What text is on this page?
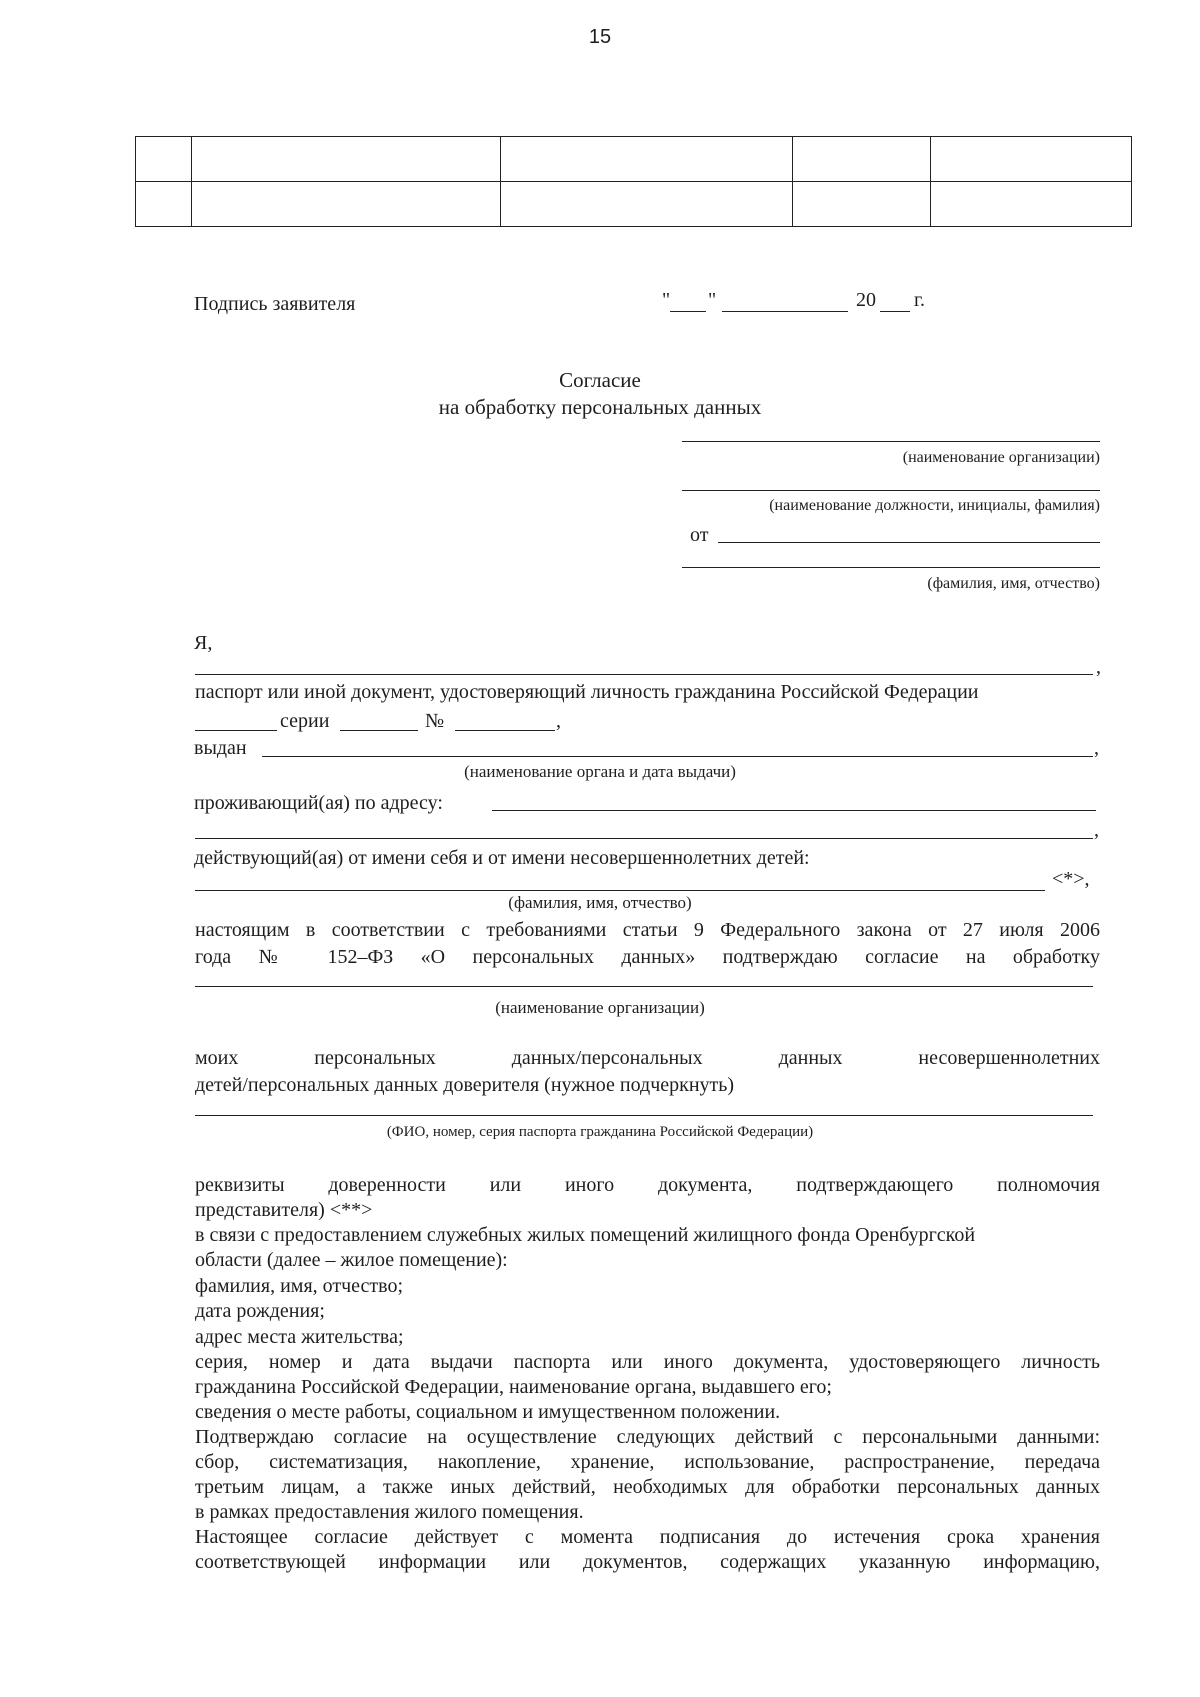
15

Подпись заявителя	" "	20 г.
Согласие
на обработку персональных данных
(наименование организации)
(наименование должности, инициалы, фамилия)
от
(фамилия, имя, отчество)
Я,
,
паспорт или иной документ, удостоверяющий личность гражданина Российской Федерации
серии	№	,
выдан	,
(наименование органа и дата выдачи)
проживающий(ая) по адресу:
,
действующий(ая) от имени себя и от имени несовершеннолетних детей:
<*>,
(фамилия, имя, отчество)
настоящим в соответствии с требованиями статьи 9 Федерального закона от 27 июля 2006
года № 152–ФЗ «О персональных данных» подтверждаю согласие на обработку
(наименование организации)
моих персональных данных/персональных данных несовершеннолетних
детей/персональных данных доверителя (нужное подчеркнуть)
(ФИО, номер, серия паспорта гражданина Российской Федерации)
реквизиты доверенности или иного документа, подтверждающего полномочия
представителя) <**>
в связи с предоставлением служебных жилых помещений жилищного фонда Оренбургской
области (далее – жилое помещение):
фамилия, имя, отчество;
дата рождения;
адрес места жительства;
серия, номер и дата выдачи паспорта или иного документа, удостоверяющего личность
гражданина Российской Федерации, наименование органа, выдавшего его;
сведения о месте работы, социальном и имущественном положении.
Подтверждаю согласие на осуществление следующих действий с персональными данными:
сбор, систематизация, накопление, хранение, использование, распространение, передача
третьим лицам, а также иных действий, необходимых для обработки персональных данных
в рамках предоставления жилого помещения.
Настоящее согласие действует с момента подписания до истечения срока хранения
соответствующей информации или документов, содержащих указанную информацию,
